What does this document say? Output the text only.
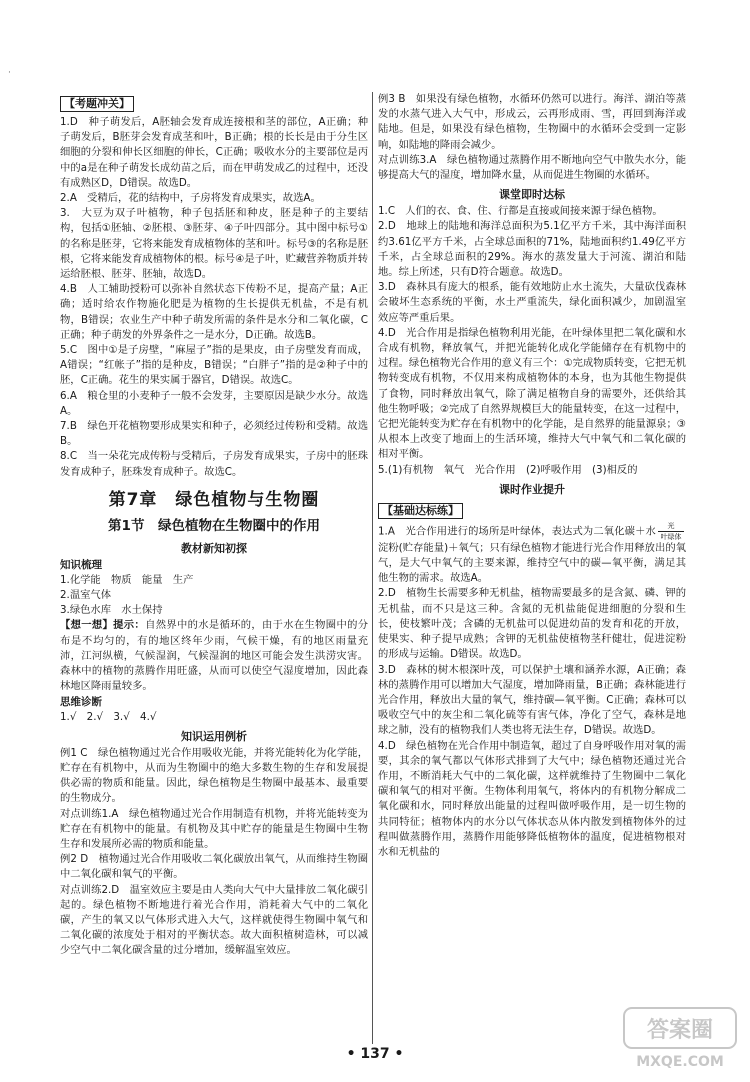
·
【考题冲关】

1.D　种子萌发后，A胚轴会发育成连接根和茎的部位，A正确；种子萌发后，B胚芽会发育成茎和叶，B正确；根的长长是由于分生区细胞的分裂和伸长区细胞的伸长，C正确；吸收水分的主要部位是丙中的a是在种子萌发长成幼苗之后，而在甲萌发成乙的过程中，还没有成熟区D，D错误。故选D。

2.A　受精后，花的结构中，子房将发育成果实，故选A。

3.　大豆为双子叶植物，种子包括胚和种皮，胚是种子的主要结构，包括①胚轴、②胚根、③胚芽、④子叶四部分。其中图中标号①的名称是胚芽，它将来能发育成植物体的茎和叶。标号③的名称是胚根，它将来能发育成植物体的根。标号④是子叶，贮藏营养物质并转运给胚根、胚芽、胚轴，故选D。

4.B　人工辅助授粉可以弥补自然状态下传粉不足，提高产量；A正确；适时给农作物施化肥是为植物的生长提供无机盐，不是有机物，B错误；农业生产中种子萌发所需的条件是水分和二氧化碳，C正确；种子萌发的外界条件之一是水分，D正确。故选B。

5.C　图中①是子房壁，“麻屋子”指的是果皮，由子房壁发育而成，A错误；“红帐子”指的是种皮，B错误；“白胖子”指的是②种子中的胚，C正确。花生的果实属于器官，D错误。故选C。

6.A　粮仓里的小麦种子一般不会发芽，主要原因是缺少水分。故选A。

7.B　绿色开花植物要形成果实和种子，必须经过传粉和受精。故选B。

8.C　当一朵花完成传粉与受精后，子房发育成果实，子房中的胚珠发育成种子，胚珠发育成种子。故选C。

第7章　绿色植物与生物圈
第1节　绿色植物在生物圈中的作用
教材新知初探
知识梳理

1.化学能　物质　能量　生产

2.温室气体

3.绿色水库　水土保持

【想一想】提示：自然界中的水是循环的，由于水在生物圈中的分布是不均匀的，有的地区终年少雨，气候干燥，有的地区雨量充沛，江河纵横，气候湿润，气候湿润的地区可能会发生洪涝灾害。森林中的植物的蒸腾作用旺盛，从而可以使空气湿度增加，因此森林地区降雨量较多。

思维诊断

1.√　2.√　3.√　4.√

知识运用例析

例1 C　绿色植物通过光合作用吸收光能，并将光能转化为化学能，贮存在有机物中，从而为生物圈中的绝大多数生物的生存和发展提供必需的物质和能量。因此，绿色植物是生物圈中最基本、最重要的生物成分。

对点训练1.A　绿色植物通过光合作用制造有机物，并将光能转变为贮存在有机物中的能量。有机物及其中贮存的能量是生物圈中生物生存和发展所必需的物质和能量。

例2 D　植物通过光合作用吸收二氧化碳放出氧气，从而维持生物圈中二氧化碳和氧气的平衡。

对点训练2.D　温室效应主要是由人类向大气中大量排放二氧化碳引起的。绿色植物不断地进行着光合作用，消耗着大气中的二氧化碳，产生的氧又以气体形式进入大气，这样就使得生物圈中氧气和二氧化碳的浓度处于相对的平衡状态。故大面积植树造林，可以减少空气中二氧化碳含量的过分增加，缓解温室效应。

例3 B　如果没有绿色植物，水循环仍然可以进行。海洋、湖泊等蒸发的水蒸气进入大气中，形成云，云再形成雨、雪，再回到海洋或陆地。但是，如果没有绿色植物，生物圈中的水循环会受到一定影响，如陆地的降雨会减少。

对点训练3.A　绿色植物通过蒸腾作用不断地向空气中散失水分，能够提高大气的湿度，增加降水量，从而促进生物圈的水循环。

课堂即时达标

1.C　人们的衣、食、住、行都是直接或间接来源于绿色植物。

2.D　地球上的陆地和海洋总面积为5.1亿平方千米，其中海洋面积约3.61亿平方千米，占全球总面积的71%，陆地面积约1.49亿平方千米，占全球总面积的29%。海水的蒸发量大于河流、湖泊和陆地。综上所述，只有D符合题意。故选D。

3.D　森林具有庞大的根系，能有效地防止水土流失，大量砍伐森林会破坏生态系统的平衡，水土严重流失，绿化面积减少，加剧温室效应等严重后果。

4.D　光合作用是指绿色植物利用光能，在叶绿体里把二氧化碳和水合成有机物，释放氧气，并把光能转化成化学能储存在有机物中的过程。绿色植物光合作用的意义有三个：①完成物质转变，它把无机物转变成有机物，不仅用来构成植物体的本身，也为其他生物提供了食物，同时释放出氧气，除了满足植物自身的需要外，还供给其他生物呼吸；②完成了自然界规模巨大的能量转变，在这一过程中，它把光能转变为贮存在有机物中的化学能，是自然界的能量源泉；③从根本上改变了地面上的生活环境，维持大气中氧气和二氧化碳的相对平衡。

5.(1)有机物　氧气　光合作用　(2)呼吸作用　(3)相反的

课时作业提升
【基础达标练】

1.A　光合作用进行的场所是叶绿体，表达式为二氧化碳＋水 $\frac{\text{光}}{\text{叶绿体}}$
淀粉(贮存能量)＋氧气；只有绿色植物才能进行光合作用释放出的氧气，是大气中氧气的主要来源，维持空气中的碳—氧平衡，满足其他生物的需求。故选A。

2.D　植物生长需要多种无机盐，植物需要最多的是含氮、磷、钾的无机盐，而不只是这三种。含氮的无机盐能促进细胞的分裂和生长，使枝繁叶茂；含磷的无机盐可以促进幼苗的发育和花的开放，使果实、种子提早成熟；含钾的无机盐使植物茎秆健壮，促进淀粉的形成与运输。D错误。故选D。

3.D　森林的树木根深叶茂，可以保护土壤和涵养水源，A正确；森林的蒸腾作用可以增加大气湿度，增加降雨量，B正确；森林能进行光合作用，释放出大量的氧气，维持碳—氧平衡。C正确；森林可以吸收空气中的灰尘和二氧化硫等有害气体，净化了空气，森林是地球之肺，没有的植物我们人类也将无法生存，D错误。故选D。

4.D　绿色植物在光合作用中制造氧，超过了自身呼吸作用对氧的需要，其余的氧气都以气体形式排到了大气中；绿色植物还通过光合作用，不断消耗大气中的二氧化碳，这样就维持了生物圈中二氧化碳和氧气的相对平衡。生物体利用氧气，将体内的有机物分解成二氧化碳和水，同时释放出能量的过程叫做呼吸作用，是一切生物的共同特征；植物体内的水分以气体状态从体内散发到植物体外的过程叫做蒸腾作用，蒸腾作用能够降低植物体的温度，促进植物根对水和无机盐的

• 137 •
答案圈
MXQE.COM
